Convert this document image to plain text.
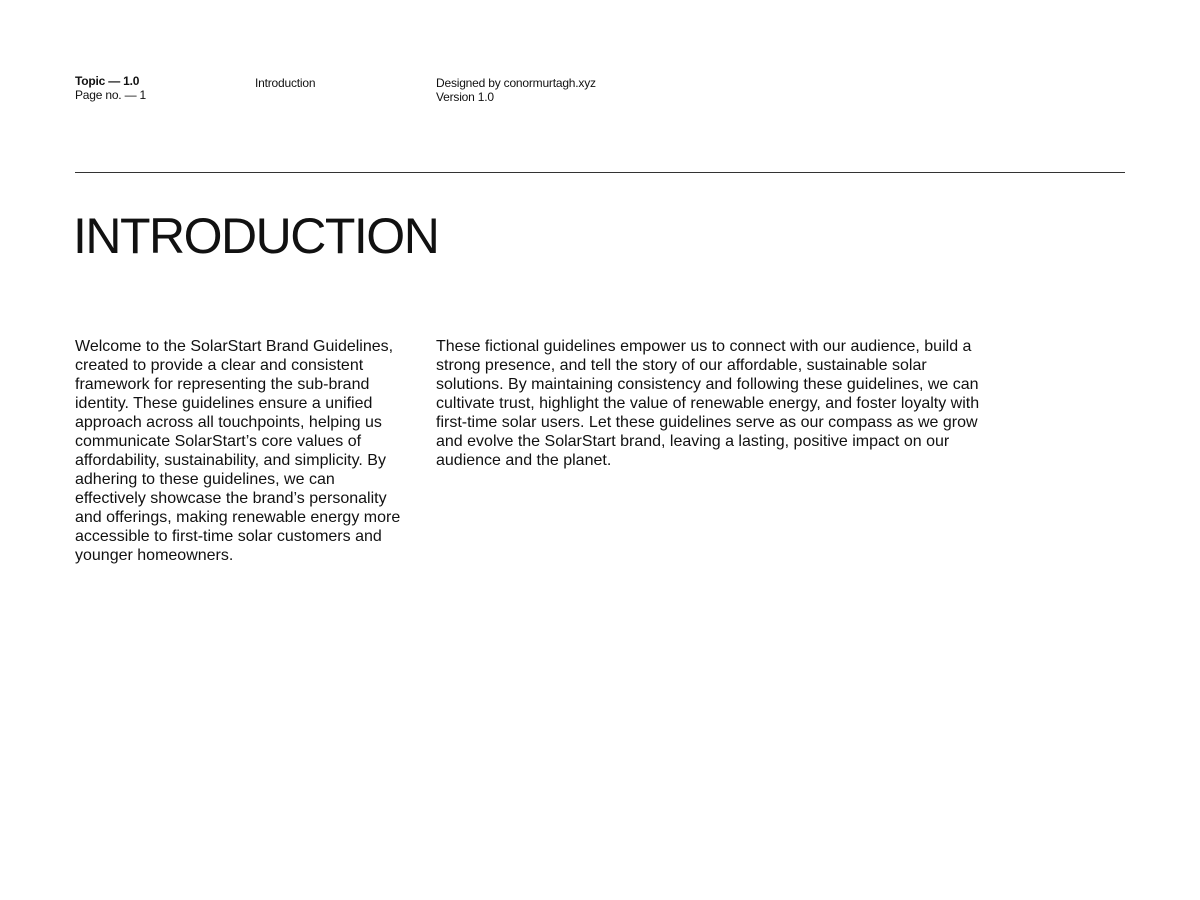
Topic — 1.0
Page no. — 1
Introduction	Designed by conormurtagh.xyz
Version 1.0
INTRODUCTION

Welcome to the SolarStart Brand Guidelines, created to provide a clear and consistent framework for representing the sub-brand identity. These guidelines ensure a unified approach across all touchpoints, helping us communicate SolarStart’s core values of affordability, sustainability, and simplicity. By adhering to these guidelines, we can effectively showcase the brand’s personality and offerings, making renewable energy more accessible to first-time solar customers and younger homeowners.

These fictional guidelines empower us to connect with our audience, build a strong presence, and tell the story of our affordable, sustainable solar solutions. By maintaining consistency and following these guidelines, we can cultivate trust, highlight the value of renewable energy, and foster loyalty with first-time solar users. Let these guidelines serve as our compass as we grow and evolve the SolarStart brand, leaving a lasting, positive impact on our audience and the planet.
